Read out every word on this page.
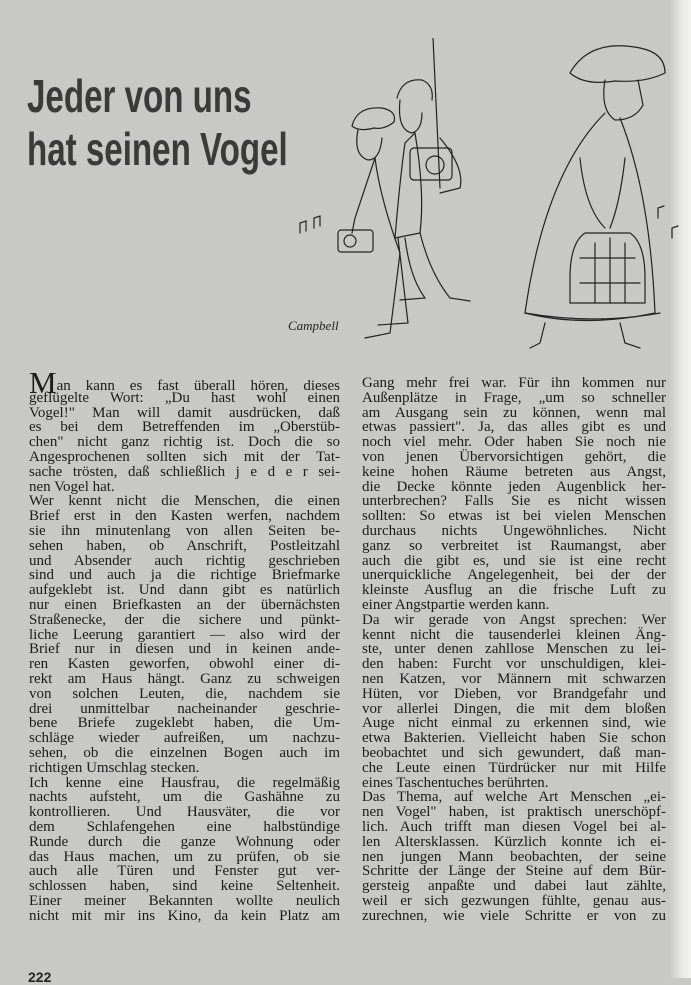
Jeder von uns
hat seinen Vogel
Campbell
Man kann es fast überall hören, dieses
geflügelte Wort: „Du hast wohl einen
Vogel!" Man will damit ausdrücken, daß
es bei dem Betreffenden im „Oberstüb-
chen" nicht ganz richtig ist. Doch die so
Angesprochenen sollten sich mit der Tat-
sache trösten, daß schließlich j e d e r sei-
nen Vogel hat.
Wer kennt nicht die Menschen, die einen
Brief erst in den Kasten werfen, nachdem
sie ihn minutenlang von allen Seiten be-
sehen haben, ob Anschrift, Postleitzahl
und Absender auch richtig geschrieben
sind und auch ja die richtige Briefmarke
aufgeklebt ist. Und dann gibt es natürlich
nur einen Briefkasten an der übernächsten
Straßenecke, der die sichere und pünkt-
liche Leerung garantiert — also wird der
Brief nur in diesen und in keinen ande-
ren Kasten geworfen, obwohl einer di-
rekt am Haus hängt. Ganz zu schweigen
von solchen Leuten, die, nachdem sie
drei unmittelbar nacheinander geschrie-
bene Briefe zugeklebt haben, die Um-
schläge wieder aufreißen, um nachzu-
sehen, ob die einzelnen Bogen auch im
richtigen Umschlag stecken.
Ich kenne eine Hausfrau, die regelmäßig
nachts aufsteht, um die Gashähne zu
kontrollieren. Und Hausväter, die vor
dem Schlafengehen eine halbstündige
Runde durch die ganze Wohnung oder
das Haus machen, um zu prüfen, ob sie
auch alle Türen und Fenster gut ver-
schlossen haben, sind keine Seltenheit.
Einer meiner Bekannten wollte neulich
nicht mit mir ins Kino, da kein Platz am
Gang mehr frei war. Für ihn kommen nur
Außenplätze in Frage, „um so schneller
am Ausgang sein zu können, wenn mal
etwas passiert". Ja, das alles gibt es und
noch viel mehr. Oder haben Sie noch nie
von jenen Übervorsichtigen gehört, die
keine hohen Räume betreten aus Angst,
die Decke könnte jeden Augenblick her-
unterbrechen? Falls Sie es nicht wissen
sollten: So etwas ist bei vielen Menschen
durchaus nichts Ungewöhnliches. Nicht
ganz so verbreitet ist Raumangst, aber
auch die gibt es, und sie ist eine recht
unerquickliche Angelegenheit, bei der der
kleinste Ausflug an die frische Luft zu
einer Angstpartie werden kann.
Da wir gerade von Angst sprechen: Wer
kennt nicht die tausenderlei kleinen Äng-
ste, unter denen zahllose Menschen zu lei-
den haben: Furcht vor unschuldigen, klei-
nen Katzen, vor Männern mit schwarzen
Hüten, vor Dieben, vor Brandgefahr und
vor allerlei Dingen, die mit dem bloßen
Auge nicht einmal zu erkennen sind, wie
etwa Bakterien. Vielleicht haben Sie schon
beobachtet und sich gewundert, daß man-
che Leute einen Türdrücker nur mit Hilfe
eines Taschentuches berührten.
Das Thema, auf welche Art Menschen „ei-
nen Vogel" haben, ist praktisch unerschöpf-
lich. Auch trifft man diesen Vogel bei al-
len Altersklassen. Kürzlich konnte ich ei-
nen jungen Mann beobachten, der seine
Schritte der Länge der Steine auf dem Bür-
gersteig anpaßte und dabei laut zählte,
weil er sich gezwungen fühlte, genau aus-
zurechnen, wie viele Schritte er von zu
222
